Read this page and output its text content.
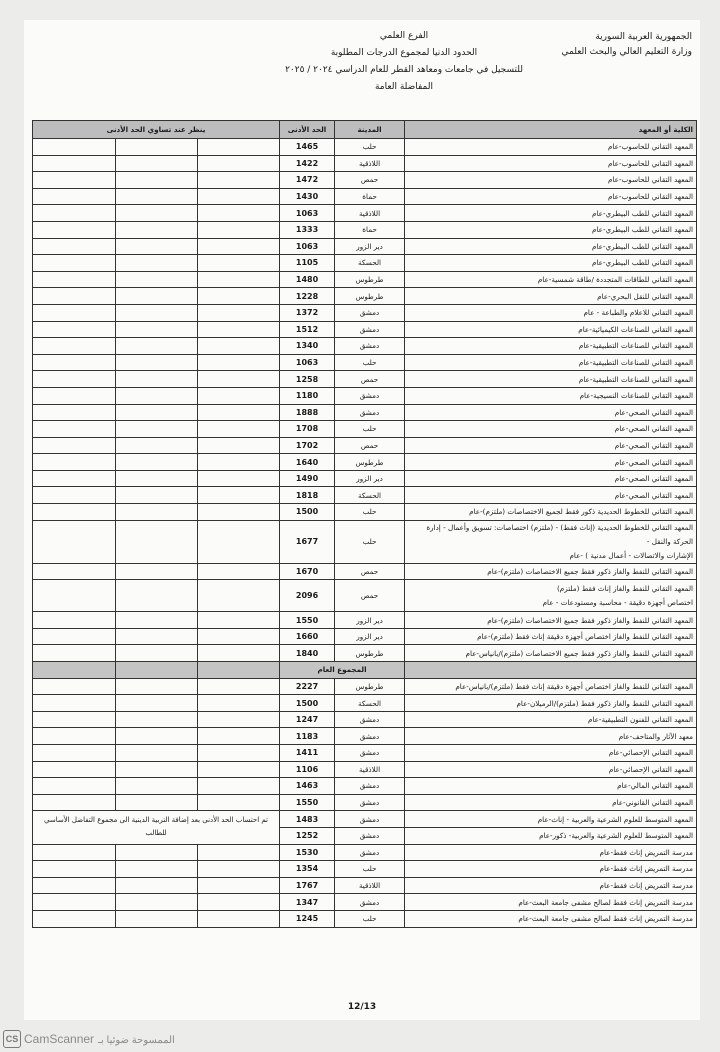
الجمهورية العربية السورية
وزارة التعليم العالي والبحث العلمي
الفرع العلمي
الحدود الدنيا لمجموع الدرجات المطلوبة
للتسجيل في جامعات ومعاهد القطر للعام الدراسي ٢٠٢٤ / ٢٠٢٥
المفاضلة العامة
الكلية أو المعهد	المدينة	الحد الأدنى	ينظر عند تساوي الحد الأدنى		
المعهد التقاني للحاسوب-عام	حلب	1465			
المعهد التقاني للحاسوب-عام	اللاذقية	1422			
المعهد التقاني للحاسوب-عام	حمص	1472			
المعهد التقاني للحاسوب-عام	حماة	1430			
المعهد التقاني للطب البيطري-عام	اللاذقية	1063			
المعهد التقاني للطب البيطري-عام	حماة	1333			
المعهد التقاني للطب البيطري-عام	دير الزور	1063			
المعهد التقاني للطب البيطري-عام	الحسكة	1105			
المعهد التقاني للطاقات المتجددة /طاقة شمسية-عام	طرطوس	1480			
المعهد التقاني للنقل البحري-عام	طرطوس	1228			
المعهد التقاني للاعلام والطباعة - عام	دمشق	1372			
المعهد التقاني للصناعات الكيميائية-عام	دمشق	1512			
المعهد التقاني للصناعات التطبيقية-عام	دمشق	1340			
المعهد التقاني للصناعات التطبيقية-عام	حلب	1063			
المعهد التقاني للصناعات التطبيقية-عام	حمص	1258			
المعهد التقاني للصناعات النسيجية-عام	دمشق	1180			
المعهد التقاني الصحي-عام	دمشق	1888			
المعهد التقاني الصحي-عام	حلب	1708			
المعهد التقاني الصحي-عام	حمص	1702			
المعهد التقاني الصحي-عام	طرطوس	1640			
المعهد التقاني الصحي-عام	دير الزور	1490			
المعهد التقاني الصحي-عام	الحسكة	1818			
المعهد التقاني للخطوط الحديدية ذكور فقط لجميع الاختصاصات (ملتزم)-عام	حلب	1500			

المعهد التقاني للخطوط الحديدية (إناث فقط) - (ملتزم) اختصاصات: تسويق وأعمال - إدارة الحركة والنقل -
الإشارات والاتصالات - أعمال مدنية ) -عام	حلب	1677			
المعهد التقاني للنفط والغاز ذكور فقط جميع الاختصاصات (ملتزم)-عام	حمص	1670			

المعهد التقاني للنفط والغاز إناث فقط (ملتزم)
اختصاص أجهزة دقيقة - محاسبة ومستودعات - عام	حمص	2096			
المعهد التقاني للنفط والغاز ذكور فقط جميع الاختصاصات (ملتزم)-عام	دير الزور	1550			
المعهد التقاني للنفط والغاز اختصاص أجهزة دقيقة إناث فقط (ملتزم)-عام	دير الزور	1660			
المعهد التقاني للنفط والغاز ذكور فقط جميع الاختصاصات (ملتزم)/بانياس-عام	طرطوس	1840			
	المجموع العام				
المعهد التقاني للنفط والغاز اختصاص أجهزة دقيقة إناث فقط (ملتزم)/بانياس-عام	طرطوس	2227			
المعهد التقاني للنفط والغاز ذكور فقط (ملتزم)/الرميلان-عام	الحسكة	1500			
المعهد التقاني للفنون التطبيقية-عام	دمشق	1247			
معهد الآثار والمتاحف-عام	دمشق	1183			
المعهد التقاني الإحصائي-عام	دمشق	1411			
المعهد التقاني الإحصائي-عام	اللاذقية	1106			
المعهد التقاني المالي-عام	دمشق	1463			
المعهد التقاني القانوني-عام	دمشق	1550			
المعهد المتوسط للعلوم الشرعية والعربية - إناث-عام	دمشق	1483	تم احتساب الحد الأدنى بعد إضافة التربية الدينية الى مجموع التفاضل الأساسي للطالب		
المعهد المتوسط للعلوم الشرعية والعربية- ذكور-عام	دمشق	1252			
مدرسة التمريض إناث فقط-عام	دمشق	1530			
مدرسة التمريض إناث فقط-عام	حلب	1354			
مدرسة التمريض إناث فقط-عام	اللاذقية	1767			
مدرسة التمريض إناث فقط لصالح مشفى جامعة البعث-عام	دمشق	1347			
مدرسة التمريض إناث فقط لصالح مشفى جامعة البعث-عام	حلب	1245			
12/13
CS CamScanner الممسوحة ضوئيا بـ
